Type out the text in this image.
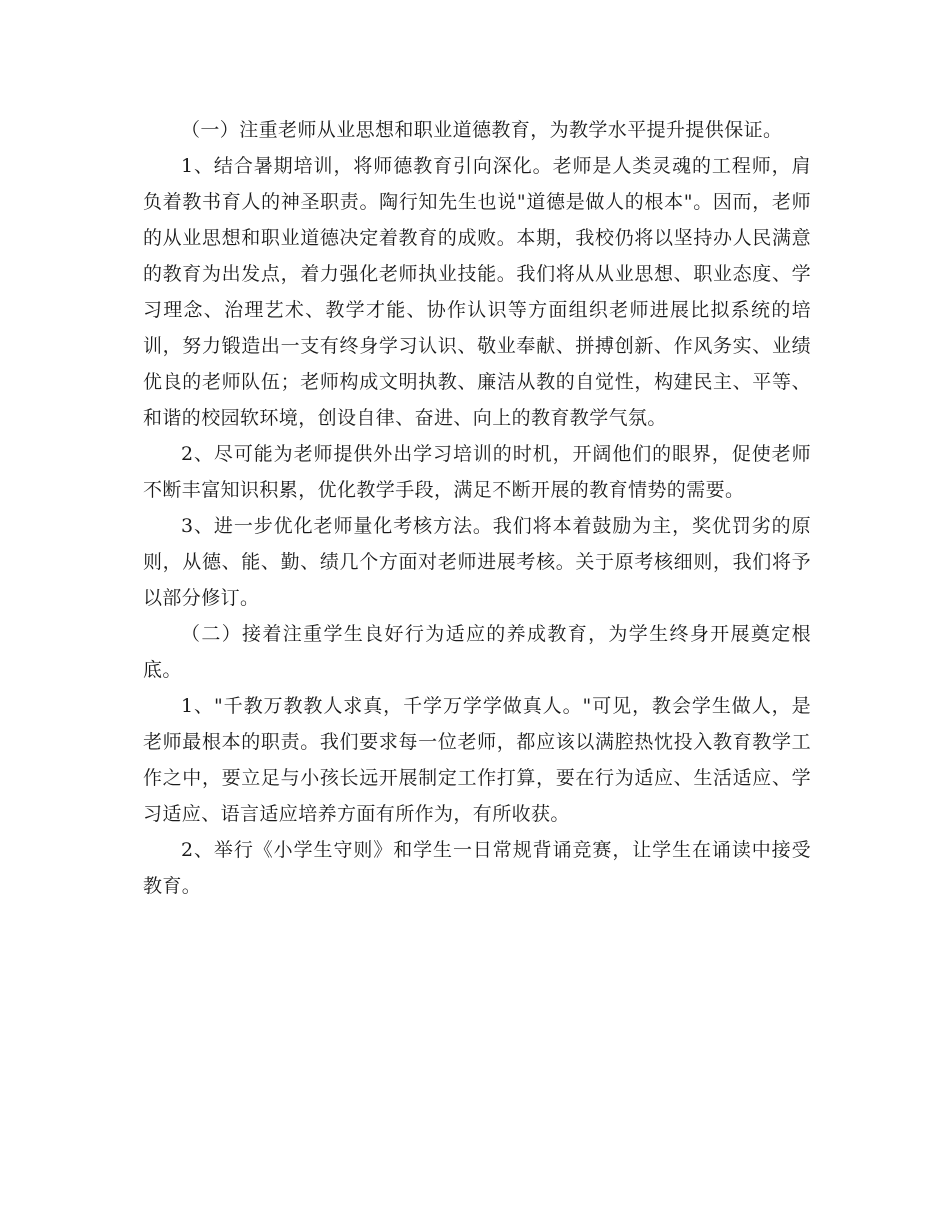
（一）注重老师从业思想和职业道德教育，为教学水平提升提供保证。

1、结合暑期培训，将师德教育引向深化。老师是人类灵魂的工程师，肩负着教书育人的神圣职责。陶行知先生也说"道德是做人的根本"。因而，老师的从业思想和职业道德决定着教育的成败。本期，我校仍将以坚持办人民满意的教育为出发点，着力强化老师执业技能。我们将从从业思想、职业态度、学习理念、治理艺术、教学才能、协作认识等方面组织老师进展比拟系统的培训，努力锻造出一支有终身学习认识、敬业奉献、拼搏创新、作风务实、业绩优良的老师队伍；老师构成文明执教、廉洁从教的自觉性，构建民主、平等、和谐的校园软环境，创设自律、奋进、向上的教育教学气氛。

2、尽可能为老师提供外出学习培训的时机，开阔他们的眼界，促使老师不断丰富知识积累，优化教学手段，满足不断开展的教育情势的需要。

3、进一步优化老师量化考核方法。我们将本着鼓励为主，奖优罚劣的原则，从德、能、勤、绩几个方面对老师进展考核。关于原考核细则，我们将予以部分修订。

（二）接着注重学生良好行为适应的养成教育，为学生终身开展奠定根底。

1、"千教万教教人求真，千学万学学做真人。"可见，教会学生做人，是老师最根本的职责。我们要求每一位老师，都应该以满腔热忱投入教育教学工作之中，要立足与小孩长远开展制定工作打算，要在行为适应、生活适应、学习适应、语言适应培养方面有所作为，有所收获。

2、举行《小学生守则》和学生一日常规背诵竞赛，让学生在诵读中接受教育。
